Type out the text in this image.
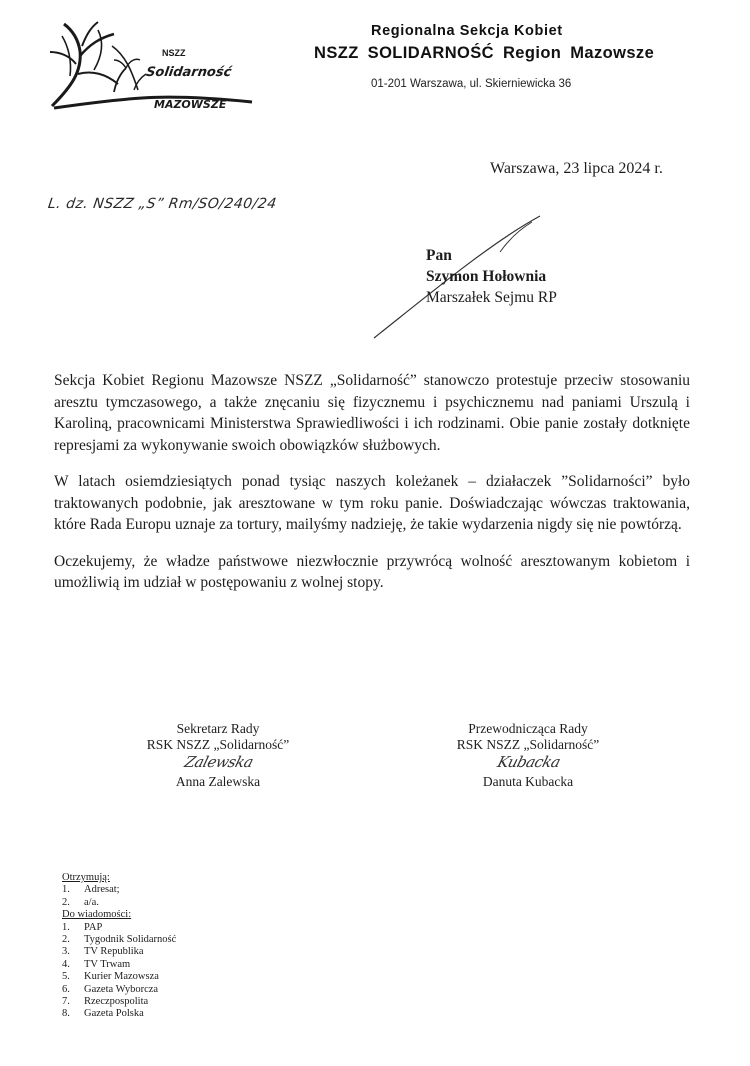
NSZZ
Solidarność
MAZOWSZE
Regionalna Sekcja Kobiet
NSZZ SOLIDARNOŚĆ Region Mazowsze
01-201 Warszawa, ul. Skierniewicka 36
Warszawa, 23 lipca 2024 r.
L. dz. NSZZ „S” Rm/SO/240/24
Pan
Szymon Hołownia
Marszałek Sejmu RP

Sekcja Kobiet Regionu Mazowsze NSZZ „Solidarność” stanowczo protestuje przeciw stosowaniu aresztu tymczasowego, a także znęcaniu się fizycznemu i psychicznemu nad paniami Urszulą i Karoliną, pracownicami Ministerstwa Sprawiedliwości i ich rodzinami. Obie panie zostały dotknięte represjami za wykonywanie swoich obowiązków służbowych.

W latach osiemdziesiątych ponad tysiąc naszych koleżanek – działaczek ”Solidarności” było traktowanych podobnie, jak aresztowane w tym roku panie. Doświadczając wówczas traktowania, które Rada Europu uznaje za tortury, mailyśmy nadzieję, że takie wydarzenia nigdy się nie powtórzą.

Oczekujemy, że władze państwowe niezwłocznie przywrócą wolność aresztowanym kobietom i umożliwią im udział w postępowaniu z wolnej stopy.

Sekretarz Rady
RSK NSZZ „Solidarność”
Zalewska
Anna Zalewska
Przewodnicząca Rady
RSK NSZZ „Solidarność”
Kubacka
Danuta Kubacka
Otrzymują:
1.	Adresat;
2.	a/a.
Do wiadomości:
1.	PAP
2.	Tygodnik Solidarność
3.	TV Republika
4.	TV Trwam
5.	Kurier Mazowsza
6.	Gazeta Wyborcza
7.	Rzeczpospolita
8.	Gazeta Polska
